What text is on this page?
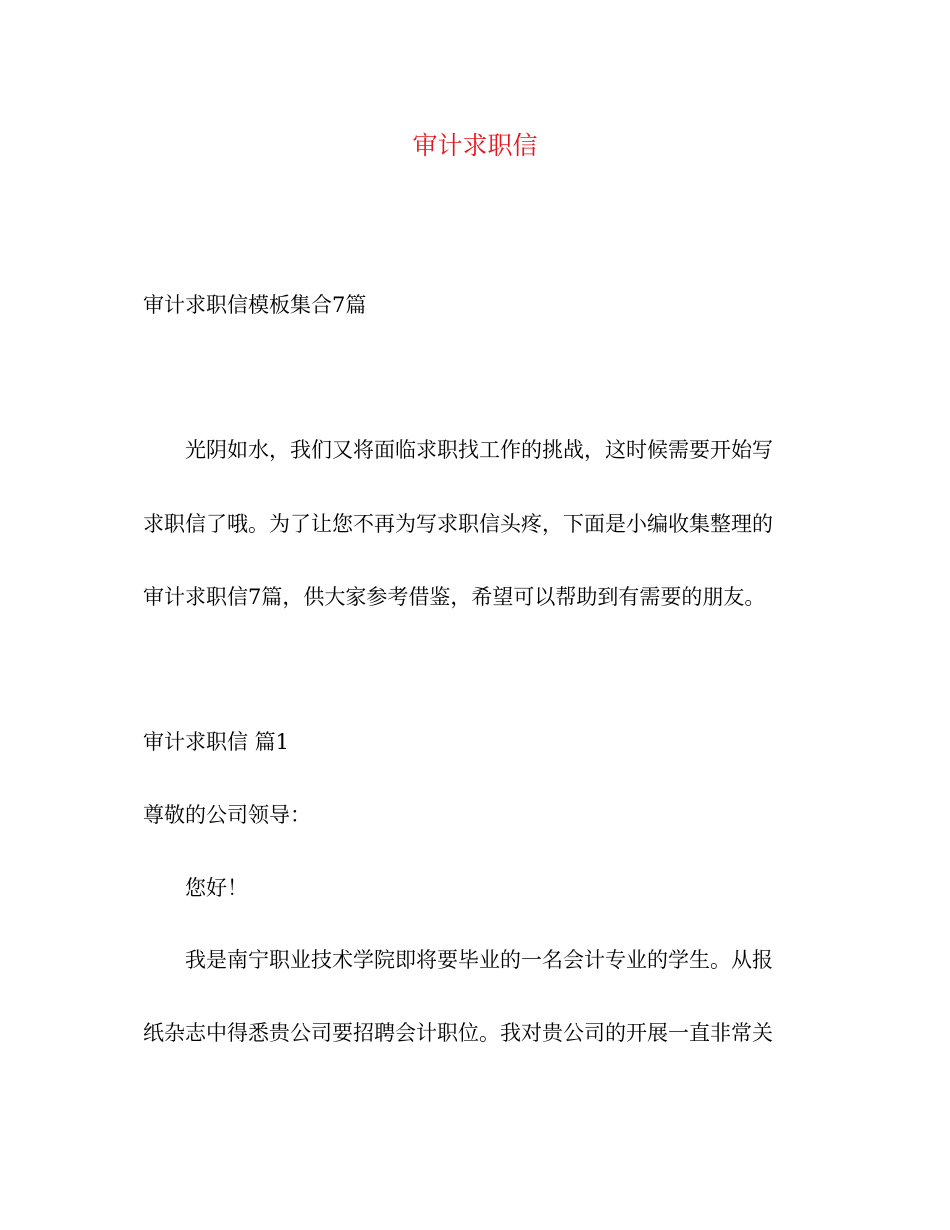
审计求职信
审计求职信模板集合7篇
光阴如水，我们又将面临求职找工作的挑战，这时候需要开始写
求职信了哦。为了让您不再为写求职信头疼，下面是小编收集整理的
审计求职信7篇，供大家参考借鉴，希望可以帮助到有需要的朋友。
审计求职信 篇1
尊敬的公司领导：
您好！
我是南宁职业技术学院即将要毕业的一名会计专业的学生。从报
纸杂志中得悉贵公司要招聘会计职位。我对贵公司的开展一直非常关
